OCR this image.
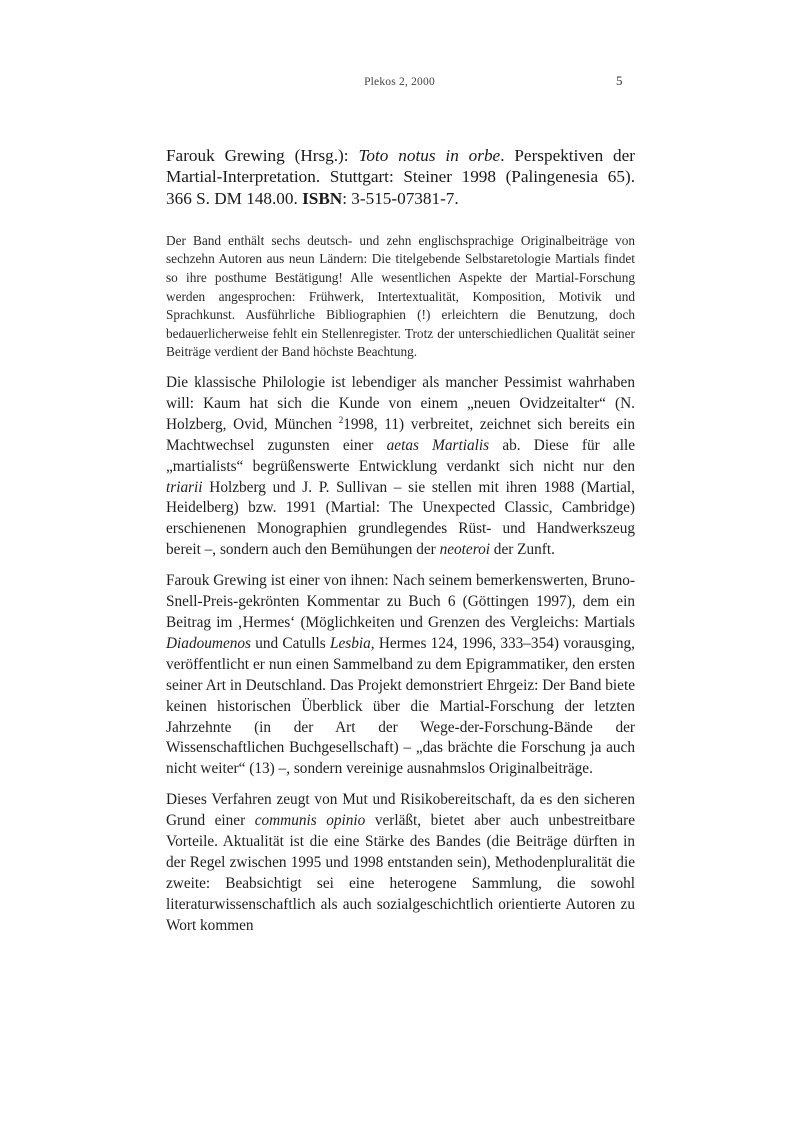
Plekos 2, 2000	5

Farouk Grewing (Hrsg.): Toto notus in orbe. Perspektiven der Martial-Interpretation. Stuttgart: Steiner 1998 (Palingenesia 65). 366 S. DM 148.00. ISBN: 3-515-07381-7.

Der Band enthält sechs deutsch- und zehn englischsprachige Originalbeiträge von sechzehn Autoren aus neun Ländern: Die titelgebende Selbstaretologie Martials findet so ihre posthume Bestätigung! Alle wesentlichen Aspekte der Martial-Forschung werden angesprochen: Frühwerk, Intertextualität, Komposition, Motivik und Sprachkunst. Ausführliche Bibliographien (!) erleichtern die Benutzung, doch bedauerlicherweise fehlt ein Stellenregister. Trotz der unterschiedlichen Qualität seiner Beiträge verdient der Band höchste Beachtung.

Die klassische Philologie ist lebendiger als mancher Pessimist wahrhaben will: Kaum hat sich die Kunde von einem „neuen Ovidzeitalter“ (N. Holzberg, Ovid, München $^2$1998, 11) verbreitet, zeichnet sich bereits ein Machtwechsel zugunsten einer aetas Martialis ab. Diese für alle „martialists“ begrüßenswerte Entwicklung verdankt sich nicht nur den triarii Holzberg und J. P. Sullivan – sie stellen mit ihren 1988 (Martial, Heidelberg) bzw. 1991 (Martial: The Unexpected Classic, Cambridge) erschienenen Monographien grundlegendes Rüst- und Handwerkszeug bereit –, sondern auch den Bemühungen der neoteroi der Zunft.

Farouk Grewing ist einer von ihnen: Nach seinem bemerkenswerten, Bruno-Snell-Preis-gekrönten Kommentar zu Buch 6 (Göttingen 1997), dem ein Beitrag im ‚Hermes‘ (Möglichkeiten und Grenzen des Vergleichs: Martials Diadoumenos und Catulls Lesbia, Hermes 124, 1996, 333–354) vorausging, veröffentlicht er nun einen Sammelband zu dem Epigrammatiker, den ersten seiner Art in Deutschland. Das Projekt demonstriert Ehrgeiz: Der Band biete keinen historischen Überblick über die Martial-Forschung der letzten Jahrzehnte (in der Art der Wege-der-Forschung-Bände der Wissenschaftlichen Buchgesellschaft) – „das brächte die Forschung ja auch nicht weiter“ (13) –, sondern vereinige ausnahmslos Originalbeiträge.

Dieses Verfahren zeugt von Mut und Risikobereitschaft, da es den sicheren Grund einer communis opinio verläßt, bietet aber auch unbestreitbare Vorteile. Aktualität ist die eine Stärke des Bandes (die Beiträge dürften in der Regel zwischen 1995 und 1998 entstanden sein), Methodenpluralität die zweite: Beabsichtigt sei eine heterogene Sammlung, die sowohl literaturwissenschaftlich als auch sozialgeschichtlich orientierte Autoren zu Wort kommen
